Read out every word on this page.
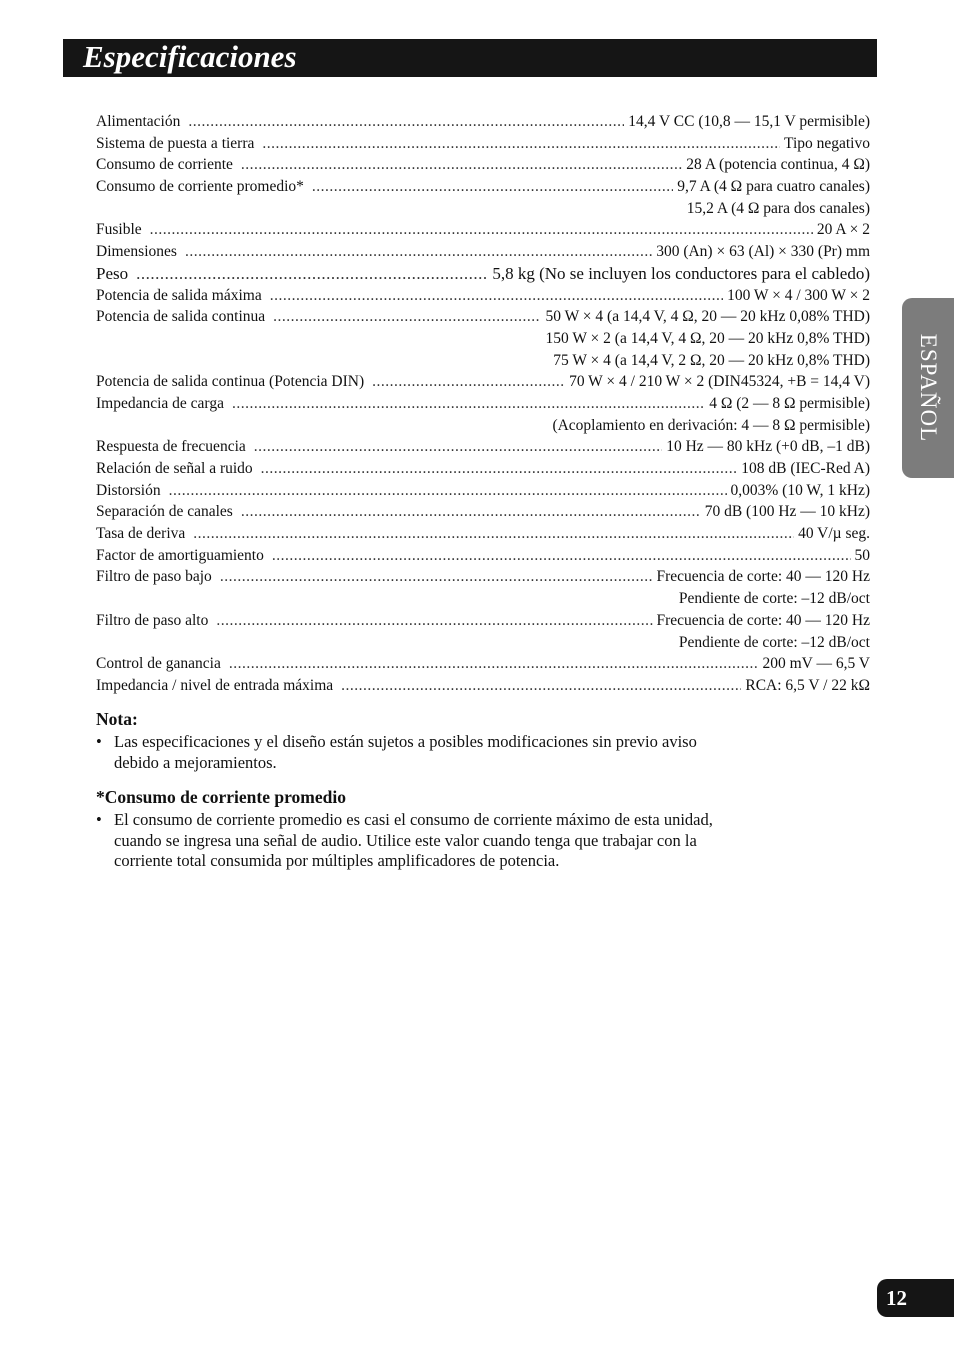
Especificaciones
ESPAÑOL
Alimentación .....	14,4 V CC (10,8 — 15,1 V permisible)
Sistema de puesta a tierra .....	Tipo negativo
Consumo de corriente .....	28 A (potencia continua, 4 Ω)
Consumo de corriente promedio* .....	9,7 A (4 Ω para cuatro canales)
15,2 A (4 Ω para dos canales)
Fusible .....	20 A × 2
Dimensiones .....	300 (An) × 63 (Al) × 330 (Pr) mm
Peso .....	5,8 kg (No se incluyen los conductores para el cabledo)
Potencia de salida máxima .....	100 W × 4 / 300 W × 2
Potencia de salida continua .....	50 W × 4 (a 14,4 V, 4 Ω, 20 — 20 kHz 0,08% THD)
150 W × 2 (a 14,4 V, 4 Ω, 20 — 20 kHz 0,8% THD)
75 W × 4 (a 14,4 V, 2 Ω, 20 — 20 kHz 0,8% THD)
Potencia de salida continua (Potencia DIN) .....	70 W × 4 / 210 W × 2 (DIN45324, +B = 14,4 V)
Impedancia de carga .....	4 Ω (2 — 8 Ω permisible)
(Acoplamiento en derivación: 4 — 8 Ω permisible)
Respuesta de frecuencia .....	10 Hz — 80 kHz (+0 dB, –1 dB)
Relación de señal a ruido .....	108 dB (IEC-Red A)
Distorsión .....	0,003% (10 W, 1 kHz)
Separación de canales .....	70 dB (100 Hz — 10 kHz)
Tasa de deriva .....	40 V/µ seg.
Factor de amortiguamiento .....	50
Filtro de paso bajo .....	Frecuencia de corte: 40 — 120 Hz
Pendiente de corte: –12 dB/oct
Filtro de paso alto .....	Frecuencia de corte: 40 — 120 Hz
Pendiente de corte: –12 dB/oct
Control de ganancia .....	200 mV — 6,5 V
Impedancia / nivel de entrada máxima .....	RCA: 6,5 V / 22 kΩ
Nota:
• Las especificaciones y el diseño están sujetos a posibles modificaciones sin previo aviso debido a mejoramientos.
*Consumo de corriente promedio
• El consumo de corriente promedio es casi el consumo de corriente máximo de esta unidad, cuando se ingresa una señal de audio. Utilice este valor cuando tenga que trabajar con la corriente total consumida por múltiples amplificadores de potencia.
12
